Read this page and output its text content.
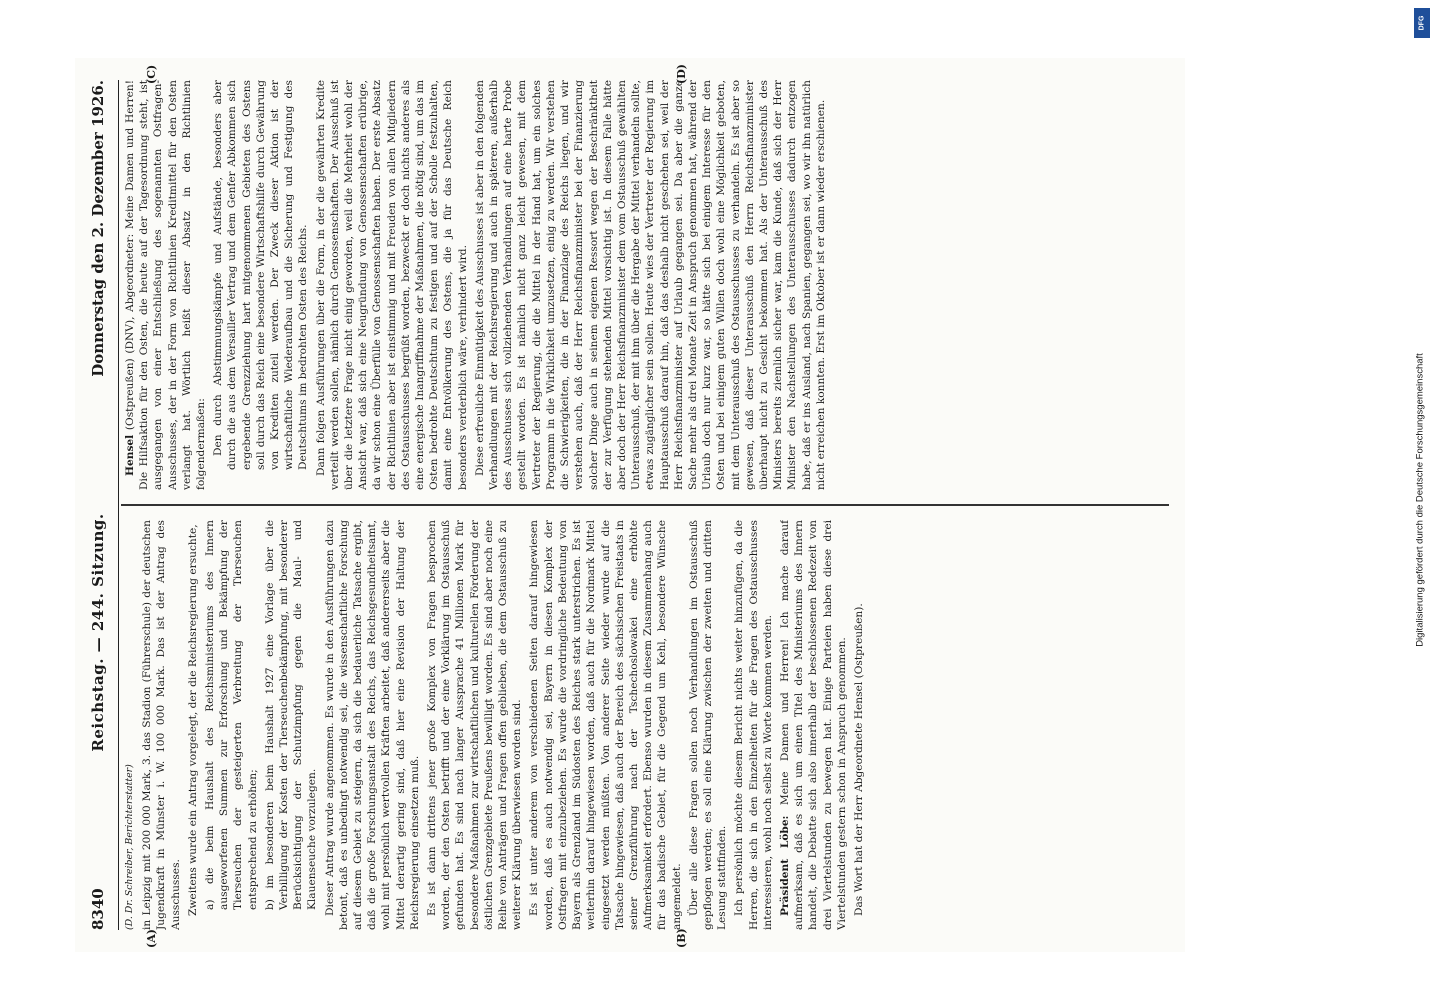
8340
Reichstag. — 244. Sitzung.
Donnerstag den 2. Dezember 1926.

(D. Dr. Schreiber, Berichterstatter) in Leipzig mit 200 000 Mark, 3. das Stadion (Führerschule) der deutschen Jugendkraft in Münster i. W. 100 000 Mark. Das ist der Antrag des Ausschusses. Zweitens wurde ein Antrag vorgelegt, der die Reichsregierung ersuchte, a) die beim Haushalt des Reichsministeriums des Innern ausgeworfenen Summen zur Erforschung und Bekämpfung der Tierseuchen der gesteigerten Verbreitung der Tierseuchen entsprechend zu erhöhen; b) im besonderen beim Haushalt 1927 eine Vorlage über die Verbilligung der Kosten der Tierseuchenbekämpfung, mit besonderer Berücksichtigung der Schutzimpfung gegen die Maul- und Klauenseuche vorzulegen. Dieser Antrag wurde angenommen. Es wurde in den Ausführungen dazu betont, daß es unbedingt notwendig sei, die wissenschaftliche Forschung auf diesem Gebiet zu steigern, da sich die bedauerliche Tatsache ergibt, daß die große Forschungsanstalt des Reichs, das Reichsgesundheitsamt, wohl mit persönlich wertvollen Kräften arbeitet, daß andererseits aber die Mittel derartig gering sind, daß hier eine Revision der Haltung der Reichsregierung einsetzen muß. Es ist dann drittens jener große Komplex von Fragen besprochen worden, der den Osten betrifft und der eine Vorklärung im Ostausschuß gefunden hat. Es sind nach langer Aussprache 41 Millionen Mark für besondere Maßnahmen zur wirtschaftlichen und kulturellen Förderung der östlichen Grenzgebiete Preußens bewilligt worden. Es sind aber noch eine Reihe von Anträgen und Fragen offen geblieben, die dem Ostausschuß zu weiterer Klärung überwiesen worden sind. Es ist unter anderem von verschiedenen Seiten darauf hingewiesen worden, daß es auch notwendig sei, Bayern in diesen Komplex der Ostfragen mit einzubeziehen. Es wurde die vordringliche Bedeutung von Bayern als Grenzland im Südosten des Reiches stark unterstrichen. Es ist weiterhin darauf hingewiesen worden, daß auch für die Nordmark Mittel eingesetzt werden müßten. Von anderer Seite wieder wurde auf die Tatsache hingewiesen, daß auch der Bereich des sächsischen Freistaats in seiner Grenzführung nach der Tschechoslowakei eine erhöhte Aufmerksamkeit erfordert. Ebenso wurden in diesem Zusammenhang auch für das badische Gebiet, für die Gegend um Kehl, besondere Wünsche angemeldet. Über alle diese Fragen sollen noch Verhandlungen im Ostausschuß gepflogen werden; es soll eine Klärung zwischen der zweiten und dritten Lesung stattfinden. Ich persönlich möchte diesem Bericht nichts weiter hinzufügen, da die Herren, die sich in den Einzelheiten für die Fragen des Ostausschusses interessieren, wohl noch selbst zu Worte kommen werden. Präsident Löbe: Meine Damen und Herren! Ich mache darauf aufmerksam, daß es sich um einen Titel des Ministeriums des Innern handelt, die Debatte sich also innerhalb der beschlossenen Redezeit von drei Viertelstunden zu bewegen hat. Einige Parteien haben diese drei Viertelstunden gestern schon in Anspruch genommen. Das Wort hat der Herr Abgeordnete Hensel (Ostpreußen).

Hensel (Ostpreußen) (DNV), Abgeordneter: Meine Damen und Herren! Die Hilfsaktion für den Osten, die heute auf der Tagesordnung steht, ist ausgegangen von einer Entschließung des sogenannten Ostfragen-Ausschusses, der in der Form von Richtlinien Kreditmittel für den Osten verlangt hat. Wörtlich heißt dieser Absatz in den Richtlinien folgendermaßen: Den durch Abstimmungskämpfe und Aufstände, besonders aber durch die aus dem Versailler Vertrag und dem Genfer Abkommen sich ergebende Grenzziehung hart mitgenommenen Gebieten des Ostens soll durch das Reich eine besondere Wirtschaftshilfe durch Gewährung von Krediten zuteil werden. Der Zweck dieser Aktion ist der wirtschaftliche Wiederaufbau und die Sicherung und Festigung des Deutschtums im bedrohten Osten des Reichs. Dann folgen Ausführungen über die Form, in der die gewährten Kredite verteilt werden sollen, nämlich durch Genossenschaften. Der Ausschuß ist über die letztere Frage nicht einig geworden, weil die Mehrheit wohl der Ansicht war, daß sich eine Neugründung von Genossenschaften erübrige, da wir schon eine Überfülle von Genossenschaften haben. Der erste Absatz der Richtlinien aber ist einstimmig und mit Freuden von allen Mitgliedern des Ostausschusses begrüßt worden, bezweckt er doch nichts anderes als eine energische Inangriffnahme der Maßnahmen, die nötig sind, um das im Osten bedrohte Deutschtum zu festigen und auf der Scholle festzuhalten, damit eine Entvölkerung des Ostens, die ja für das Deutsche Reich besonders verderblich wäre, verhindert wird. Diese erfreuliche Einmütigkeit des Ausschusses ist aber in den folgenden Verhandlungen mit der Reichsregierung und auch in späteren, außerhalb des Ausschusses sich vollziehenden Verhandlungen auf eine harte Probe gestellt worden. Es ist nämlich nicht ganz leicht gewesen, mit dem Vertreter der Regierung, die die Mittel in der Hand hat, um ein solches Programm in die Wirklichkeit umzusetzen, einig zu werden. Wir verstehen die Schwierigkeiten, die in der Finanzlage des Reichs liegen, und wir verstehen auch, daß der Herr Reichsfinanzminister bei der Finanzierung solcher Dinge auch in seinem eigenen Ressort wegen der Beschränktheit der zur Verfügung stehenden Mittel vorsichtig ist. In diesem Falle hätte aber doch der Herr Reichsfinanzminister dem vom Ostausschuß gewählten Unterausschuß, der mit ihm über die Hergabe der Mittel verhandeln sollte, etwas zugänglicher sein sollen. Heute wies der Vertreter der Regierung im Hauptausschuß darauf hin, daß das deshalb nicht geschehen sei, weil der Herr Reichsfinanzminister auf Urlaub gegangen sei. Da aber die ganze Sache mehr als drei Monate Zeit in Anspruch genommen hat, während der Urlaub doch nur kurz war, so hätte sich bei einigem Interesse für den Osten und bei einigem guten Willen doch wohl eine Möglichkeit geboten, mit dem Unterausschuß des Ostausschusses zu verhandeln. Es ist aber so gewesen, daß dieser Unterausschuß den Herrn Reichsfinanzminister überhaupt nicht zu Gesicht bekommen hat. Als der Unterausschuß des Ministers bereits ziemlich sicher war, kam die Kunde, daß sich der Herr Minister den Nachstellungen des Unterausschusses dadurch entzogen habe, daß er ins Ausland, nach Spanien, gegangen sei, wo wir ihn natürlich nicht erreichen konnten. Erst im Oktober ist er dann wieder erschienen.

(A)	(B)
(C)	(D)
DFG
Digitalisierung gefördert durch die Deutsche Forschungsgemeinschaft
